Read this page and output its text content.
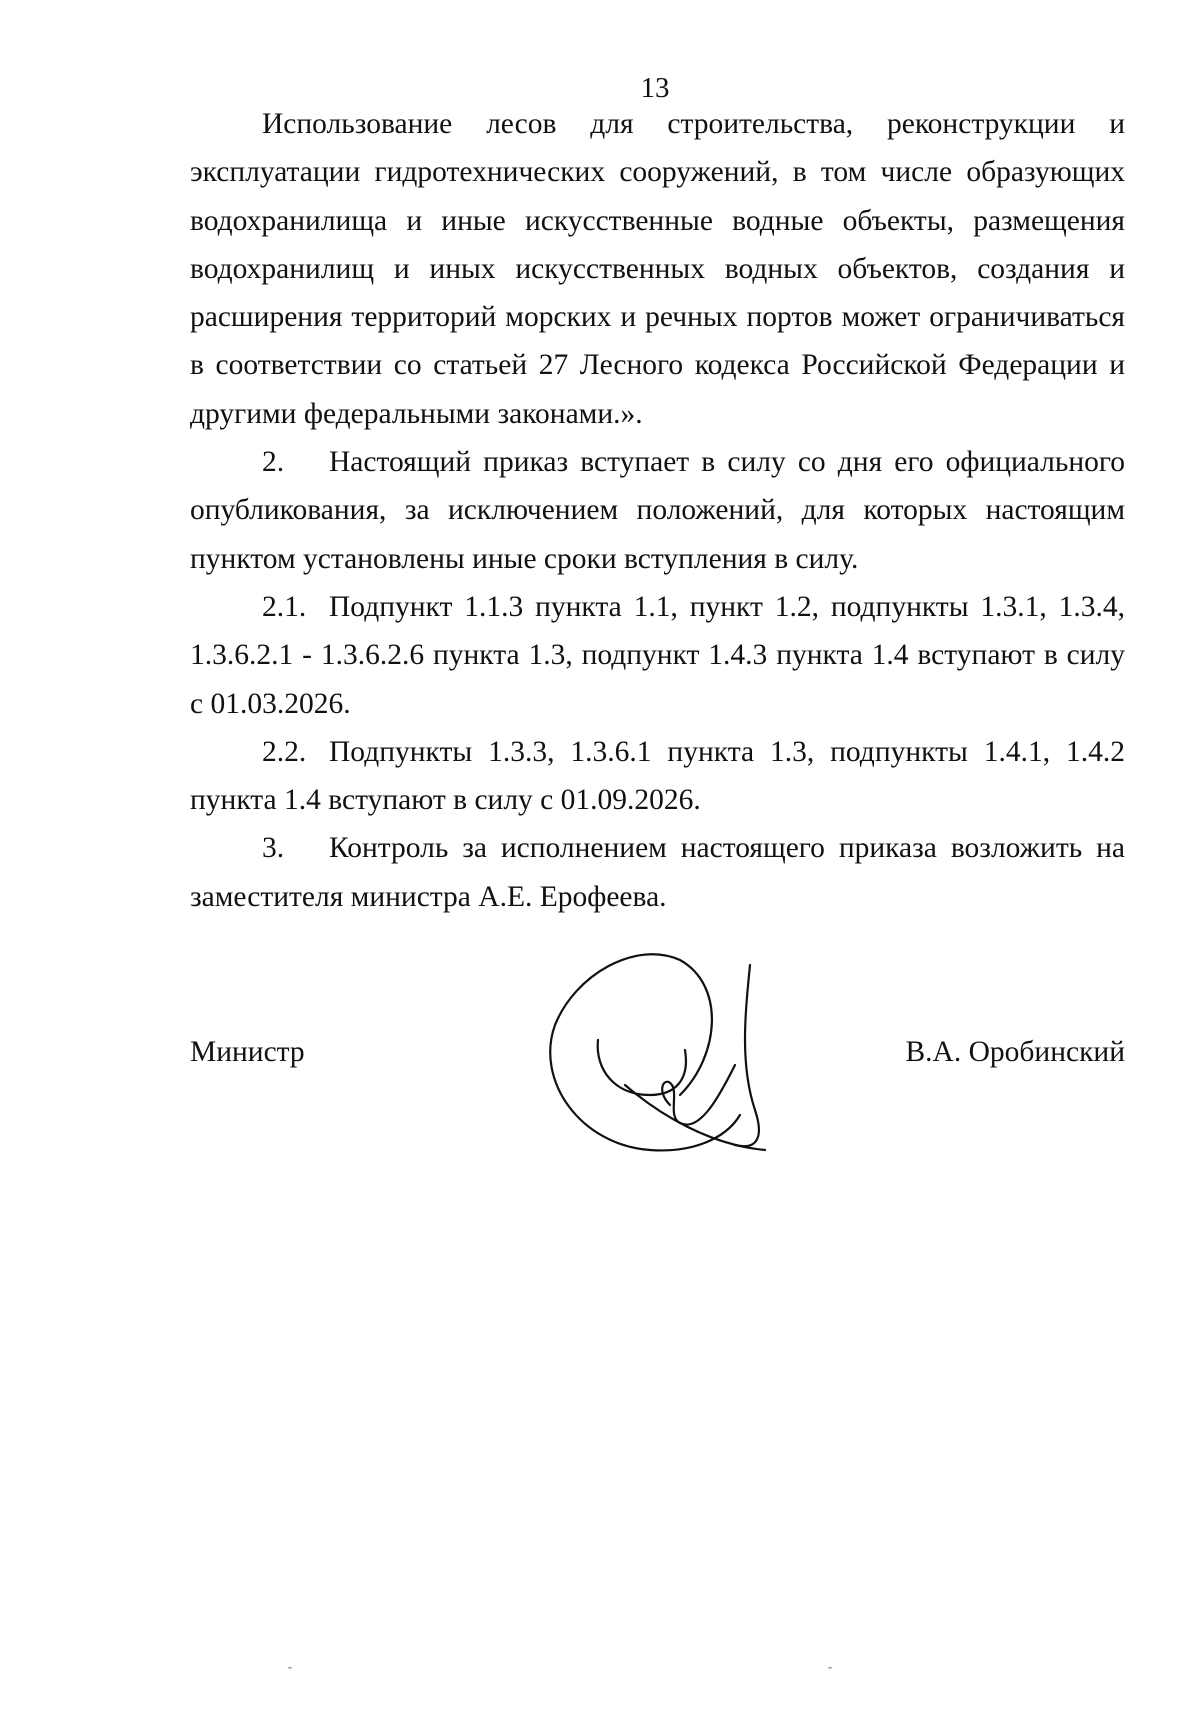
13

Использование лесов для строительства, реконструкции и эксплуатации гидротехнических сооружений, в том числе образующих водохранилища и иные искусственные водные объекты, размещения водохранилищ и иных искусственных водных объектов, создания и расширения территорий морских и речных портов может ограничиваться в соответствии со статьей 27 Лесного кодекса Российской Федерации и другими федеральными законами.».

2. Настоящий приказ вступает в силу со дня его официального опубликования, за исключением положений, для которых настоящим пунктом установлены иные сроки вступления в силу.

2.1. Подпункт 1.1.3 пункта 1.1, пункт 1.2, подпункты 1.3.1, 1.3.4, 1.3.6.2.1 - 1.3.6.2.6 пункта 1.3, подпункт 1.4.3 пункта 1.4 вступают в силу с 01.03.2026.

2.2. Подпункты 1.3.3, 1.3.6.1 пункта 1.3, подпункты 1.4.1, 1.4.2 пункта 1.4 вступают в силу с 01.09.2026.

3. Контроль за исполнением настоящего приказа возложить на заместителя министра А.Е. Ерофеева.

Министр	В.А. Оробинский
˘	˘
